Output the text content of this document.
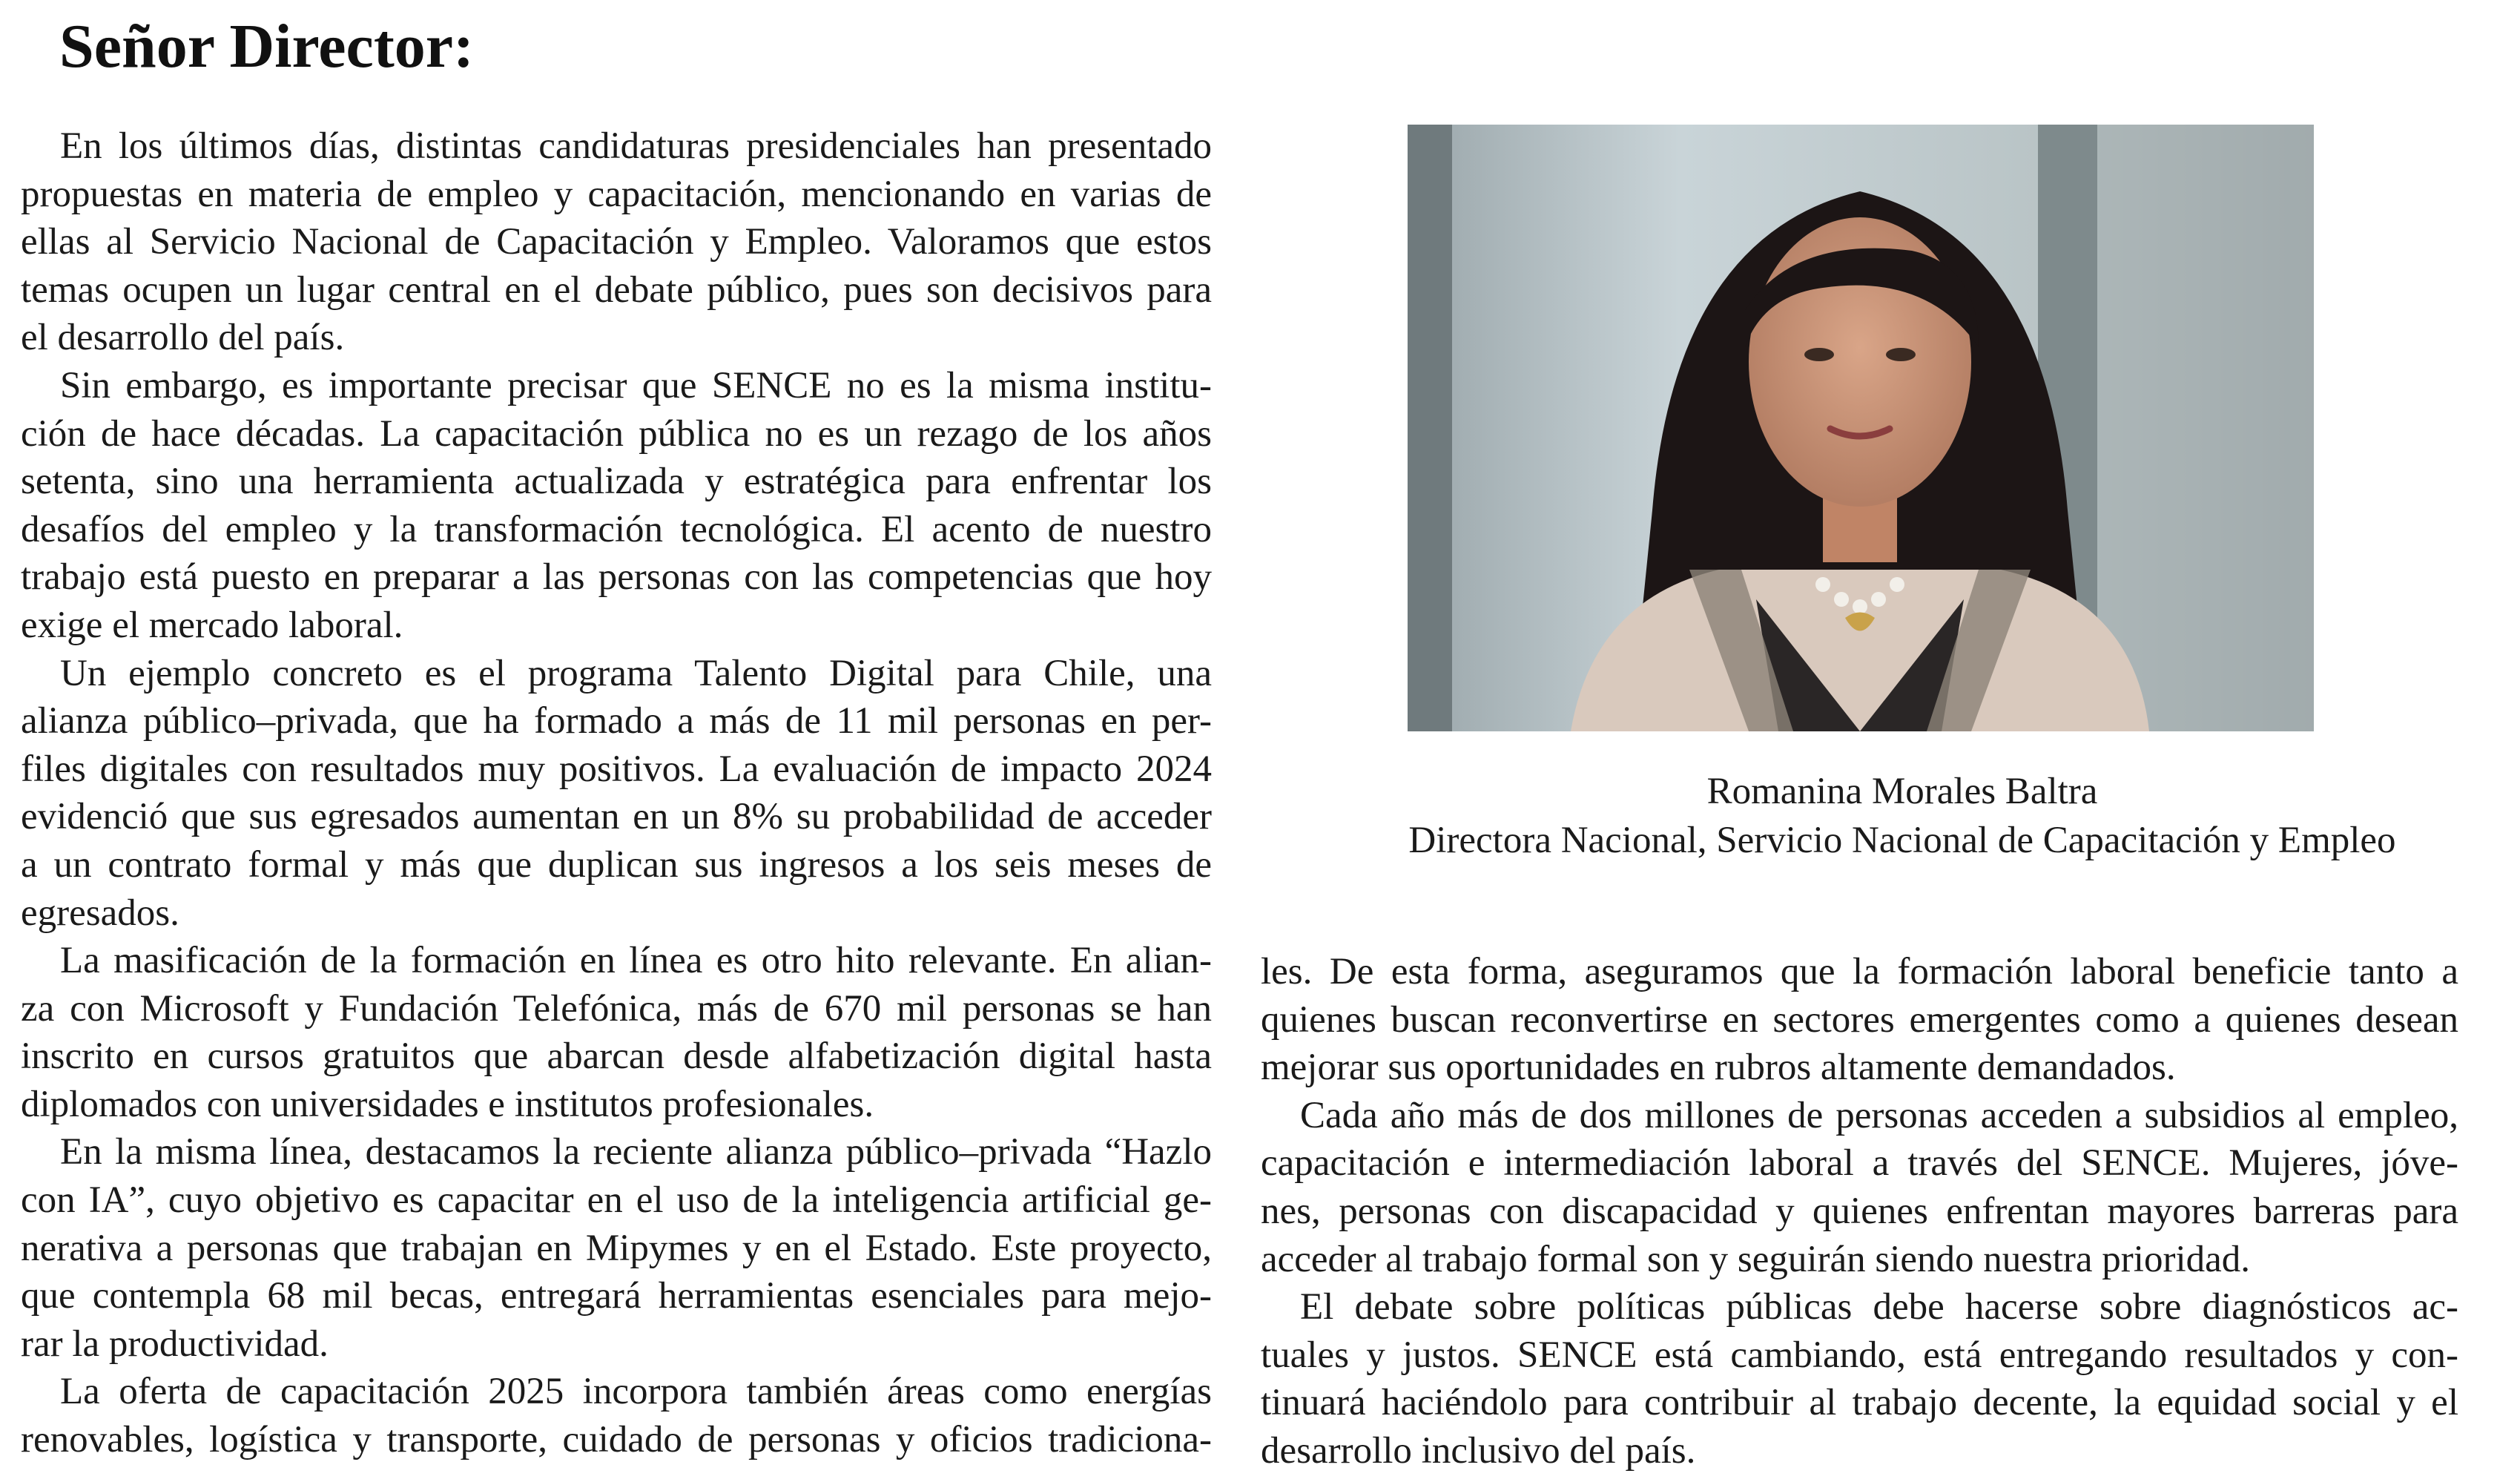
Señor Director:

En los últimos días, distintas candidaturas presidenciales han presentado

propuestas en materia de empleo y capacitación, mencionando en varias de

ellas al Servicio Nacional de Capacitación y Empleo. Valoramos que estos

temas ocupen un lugar central en el debate público, pues son decisivos para

el desarrollo del país.

Sin embargo, es importante precisar que SENCE no es la misma institu-

ción de hace décadas. La capacitación pública no es un rezago de los años

setenta, sino una herramienta actualizada y estratégica para enfrentar los

desafíos del empleo y la transformación tecnológica. El acento de nuestro

trabajo está puesto en preparar a las personas con las competencias que hoy

exige el mercado laboral.

Un ejemplo concreto es el programa Talento Digital para Chile, una

alianza público–privada, que ha formado a más de 11 mil personas en per-

files digitales con resultados muy positivos. La evaluación de impacto 2024

evidenció que sus egresados aumentan en un 8% su probabilidad de acceder

a un contrato formal y más que duplican sus ingresos a los seis meses de

egresados.

La masificación de la formación en línea es otro hito relevante. En alian-

za con Microsoft y Fundación Telefónica, más de 670 mil personas se han

inscrito en cursos gratuitos que abarcan desde alfabetización digital hasta

diplomados con universidades e institutos profesionales.

En la misma línea, destacamos la reciente alianza público–privada “Hazlo

con IA”, cuyo objetivo es capacitar en el uso de la inteligencia artificial ge-

nerativa a personas que trabajan en Mipymes y en el Estado. Este proyecto,

que contempla 68 mil becas, entregará herramientas esenciales para mejo-

rar la productividad.

La oferta de capacitación 2025 incorpora también áreas como energías

renovables, logística y transporte, cuidado de personas y oficios tradiciona-

Romanina Morales Baltra
Directora Nacional, Servicio Nacional de Capacitación y Empleo

les. De esta forma, aseguramos que la formación laboral beneficie tanto a

quienes buscan reconvertirse en sectores emergentes como a quienes desean

mejorar sus oportunidades en rubros altamente demandados.

Cada año más de dos millones de personas acceden a subsidios al empleo,

capacitación e intermediación laboral a través del SENCE. Mujeres, jóve-

nes, personas con discapacidad y quienes enfrentan mayores barreras para

acceder al trabajo formal son y seguirán siendo nuestra prioridad.

El debate sobre políticas públicas debe hacerse sobre diagnósticos ac-

tuales y justos. SENCE está cambiando, está entregando resultados y con-

tinuará haciéndolo para contribuir al trabajo decente, la equidad social y el

desarrollo inclusivo del país.
